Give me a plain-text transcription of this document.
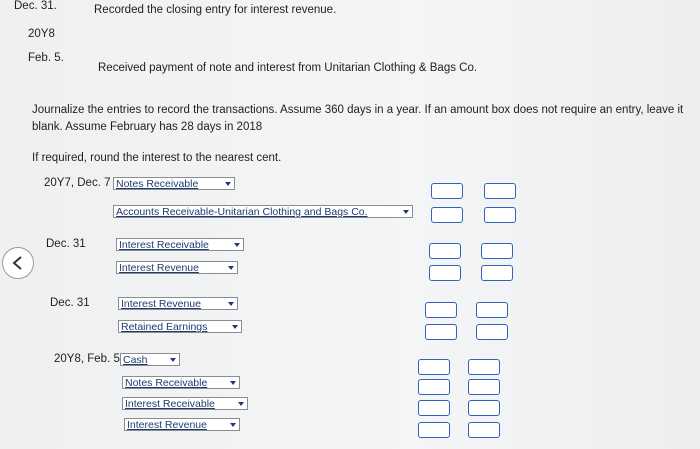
Dec. 31.	Recorded the closing entry for interest revenue.
20Y8
Feb. 5.
Received payment of note and interest from Unitarian Clothing & Bags Co.
Journalize the entries to record the transactions. Assume 360 days in a year. If an amount box does not require an entry, leave it blank. Assume February has 28 days in 2018
If required, round the interest to the nearest cent.
20Y7, Dec. 7 Notes Receivable
Accounts Receivable-Unitarian Clothing and Bags Co.
Dec. 31	Interest Receivable
Interest Revenue
Dec. 31	Interest Revenue
Retained Earnings
20Y8, Feb. 5 Cash
Notes Receivable
Interest Receivable
Interest Revenue
